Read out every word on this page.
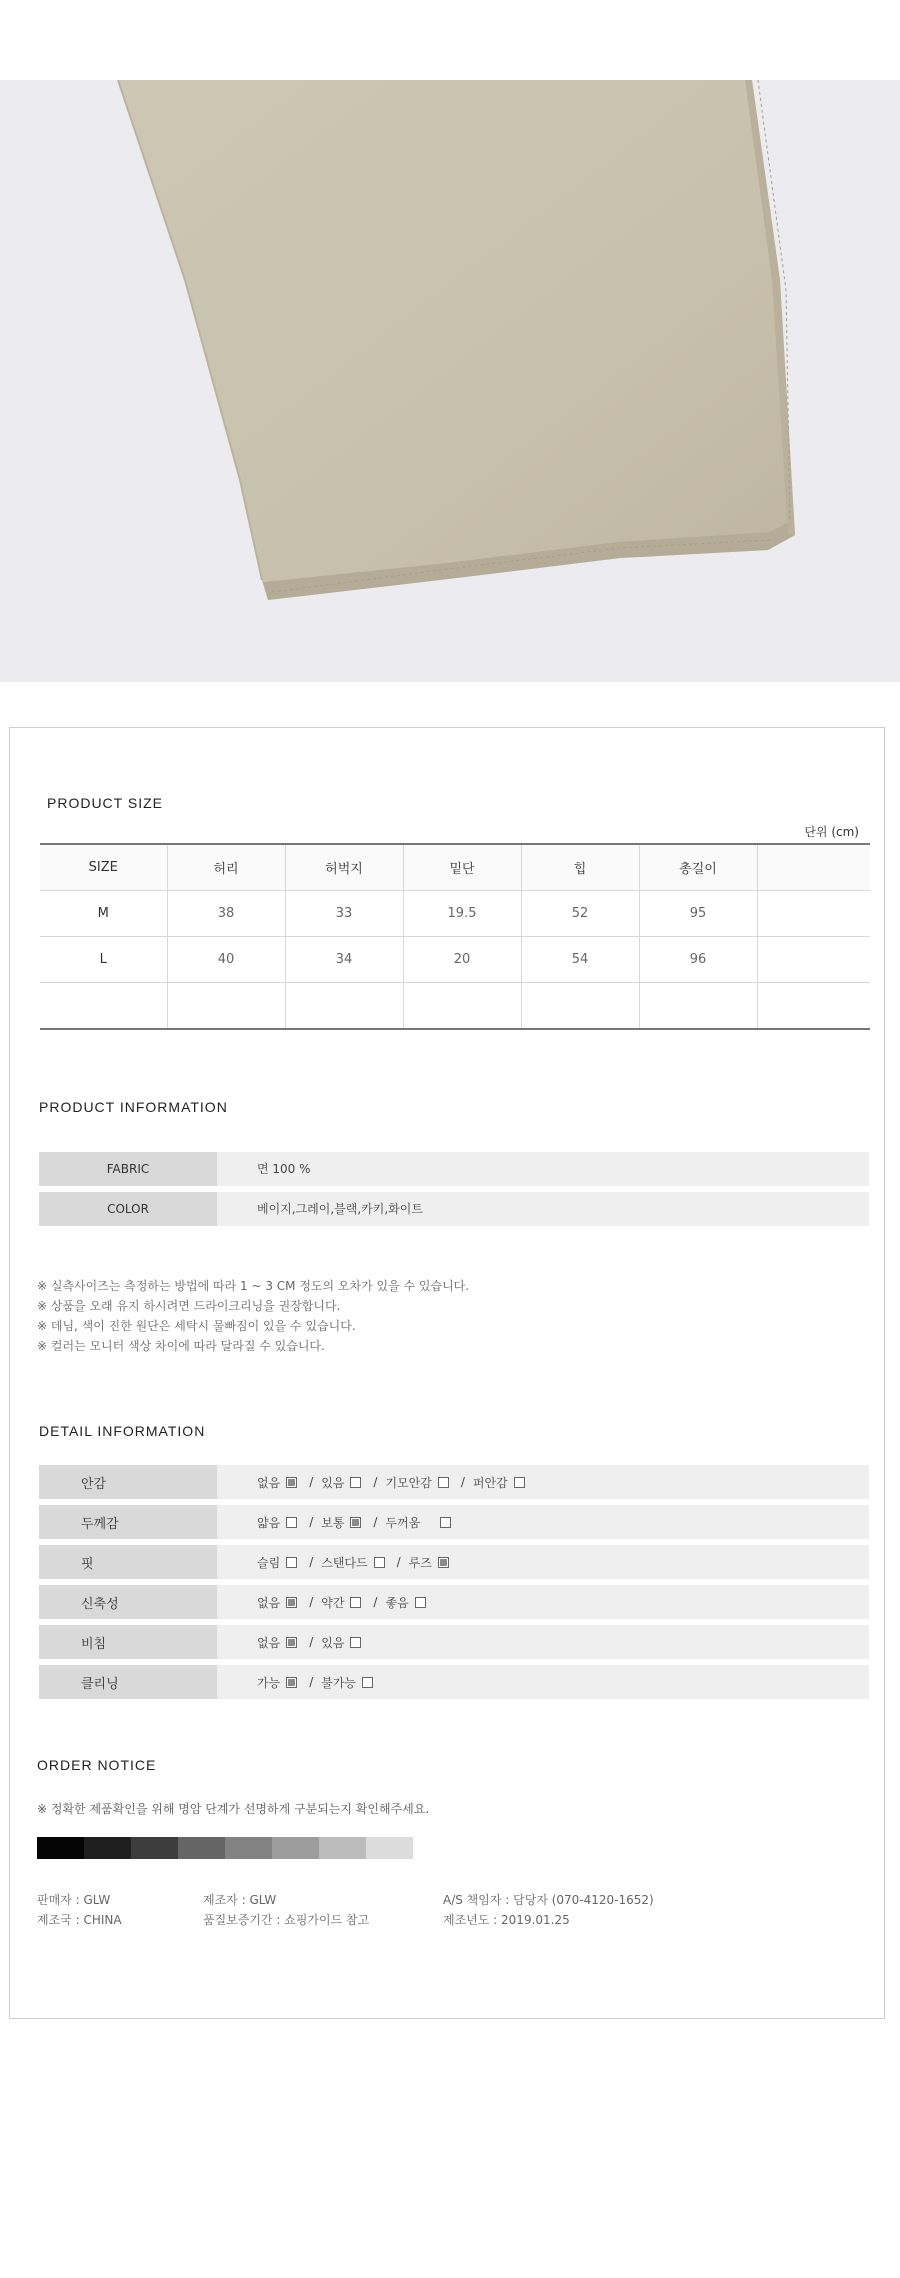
PRODUCT SIZE
단위 (cm)
SIZE	허리	허벅지	밑단	힙	총길이	
M	38	33	19.5	52	95	
L	40	34	20	54	96	

PRODUCT INFORMATION
FABRIC	면 100 %
COLOR	베이지,그레이,블랙,카키,화이트
※ 실측사이즈는 측정하는 방법에 따라 1 ~ 3 CM 정도의 오차가 있을 수 있습니다.
※ 상품을 오래 유지 하시려면 드라이크리닝을 권장합니다.
※ 데님, 색이 진한 원단은 세탁시 물빠짐이 있을 수 있습니다.
※ 컬러는 모니터 색상 차이에 따라 달라질 수 있습니다.
DETAIL INFORMATION
안감	없음 / 있음 / 기모안감 / 퍼안감
두께감	얇음 / 보통 / 두꺼움
핏	슬림 / 스탠다드 / 루즈
신축성	없음 / 약간 / 좋음
비침	없음 / 있음
클리닝	가능 / 불가능
ORDER NOTICE
※ 정확한 제품확인을 위해 명암 단계가 선명하게 구분되는지 확인해주세요.
판매자 : GLW	제조자 : GLW	A/S 책임자 : 담당자 (070-4120-1652)
제조국 : CHINA	품질보증기간 : 쇼핑가이드 참고	제조년도 : 2019.01.25
